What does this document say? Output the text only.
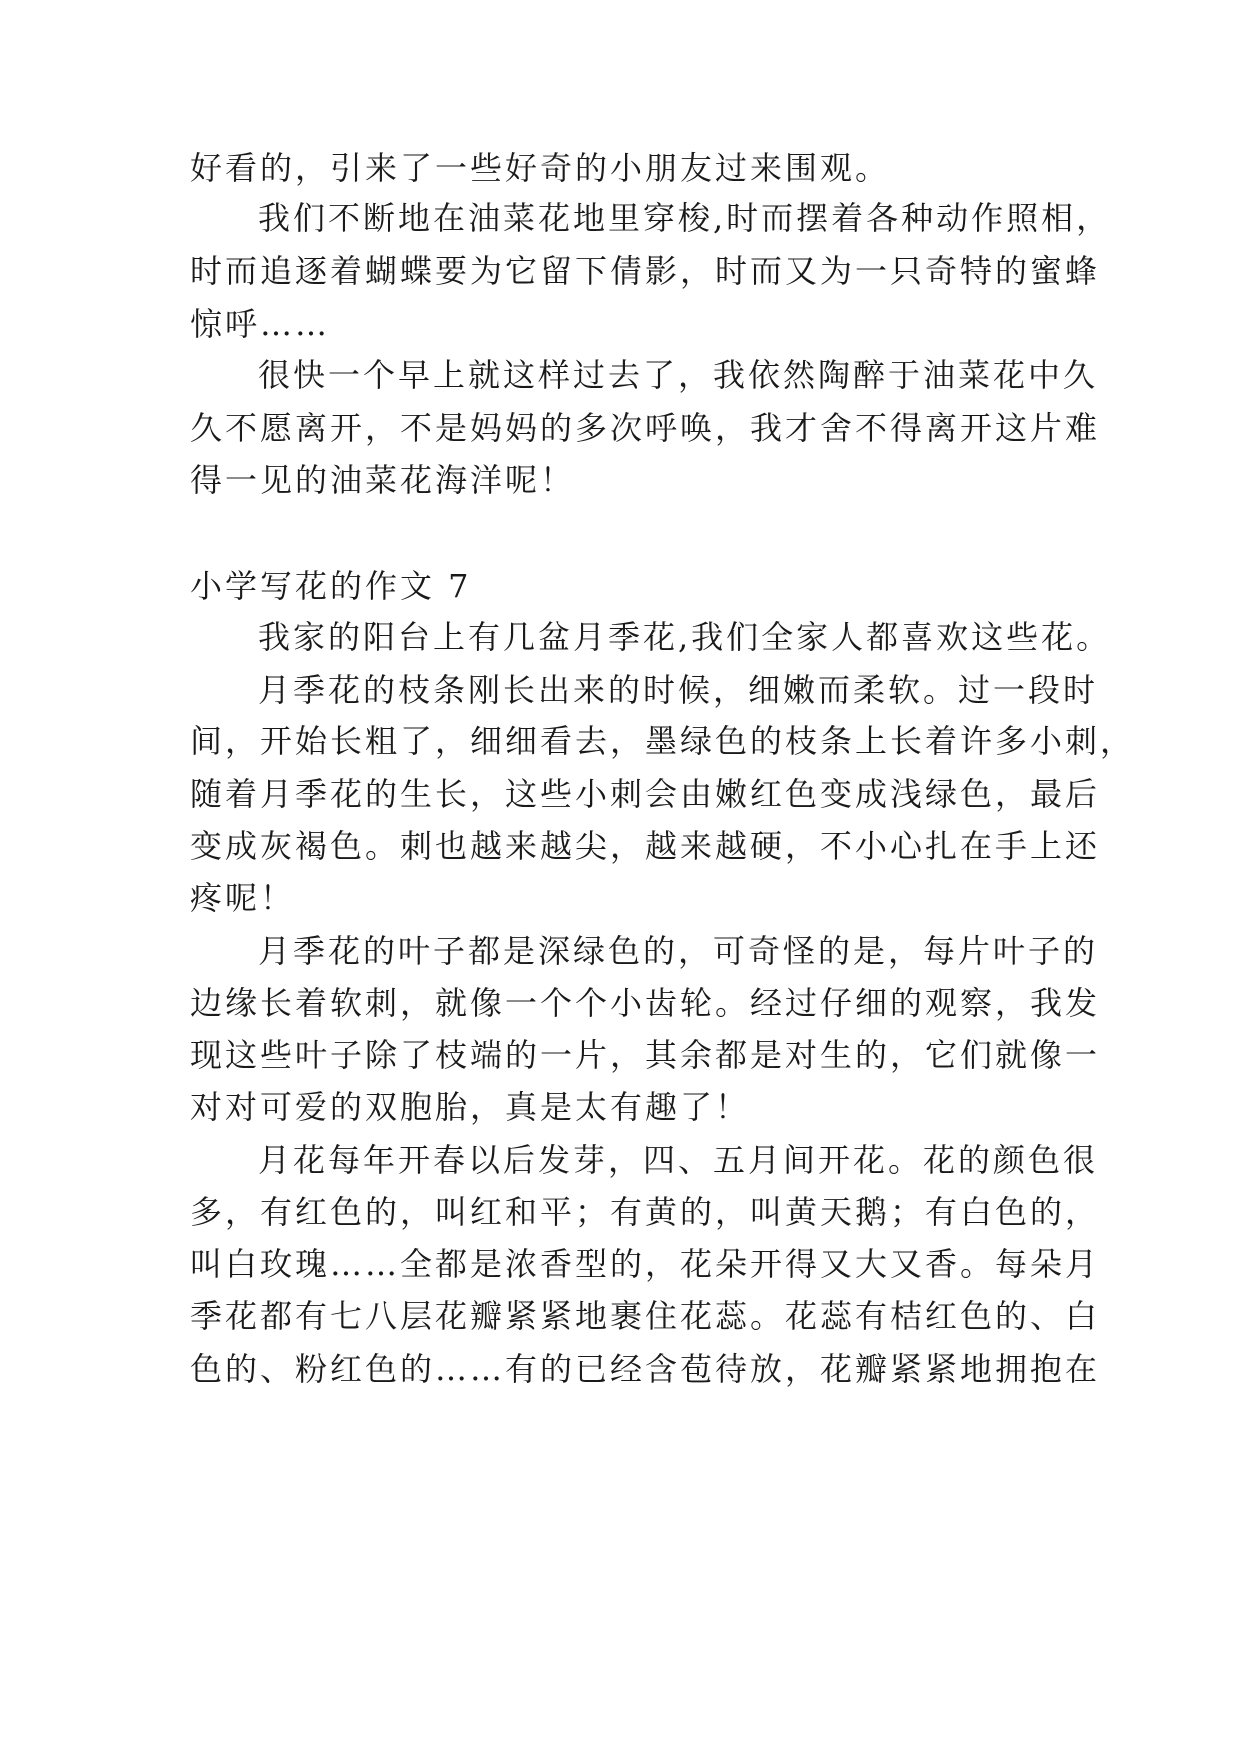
好看的，引来了一些好奇的小朋友过来围观。
我们不断地在油菜花地里穿梭,时而摆着各种动作照相，
时而追逐着蝴蝶要为它留下倩影，时而又为一只奇特的蜜蜂
惊呼……
很快一个早上就这样过去了，我依然陶醉于油菜花中久
久不愿离开，不是妈妈的多次呼唤，我才舍不得离开这片难
得一见的油菜花海洋呢！
小学写花的作文 7
我家的阳台上有几盆月季花,我们全家人都喜欢这些花。
月季花的枝条刚长出来的时候，细嫩而柔软。过一段时
间，开始长粗了，细细看去，墨绿色的枝条上长着许多小刺，
随着月季花的生长，这些小刺会由嫩红色变成浅绿色，最后
变成灰褐色。刺也越来越尖，越来越硬，不小心扎在手上还
疼呢！
月季花的叶子都是深绿色的，可奇怪的是，每片叶子的
边缘长着软刺，就像一个个小齿轮。经过仔细的观察，我发
现这些叶子除了枝端的一片，其余都是对生的，它们就像一
对对可爱的双胞胎，真是太有趣了！
月花每年开春以后发芽，四、五月间开花。花的颜色很
多，有红色的，叫红和平；有黄的，叫黄天鹅；有白色的，
叫白玫瑰……全都是浓香型的，花朵开得又大又香。每朵月
季花都有七八层花瓣紧紧地裹住花蕊。花蕊有桔红色的、白
色的、粉红色的……有的已经含苞待放，花瓣紧紧地拥抱在
